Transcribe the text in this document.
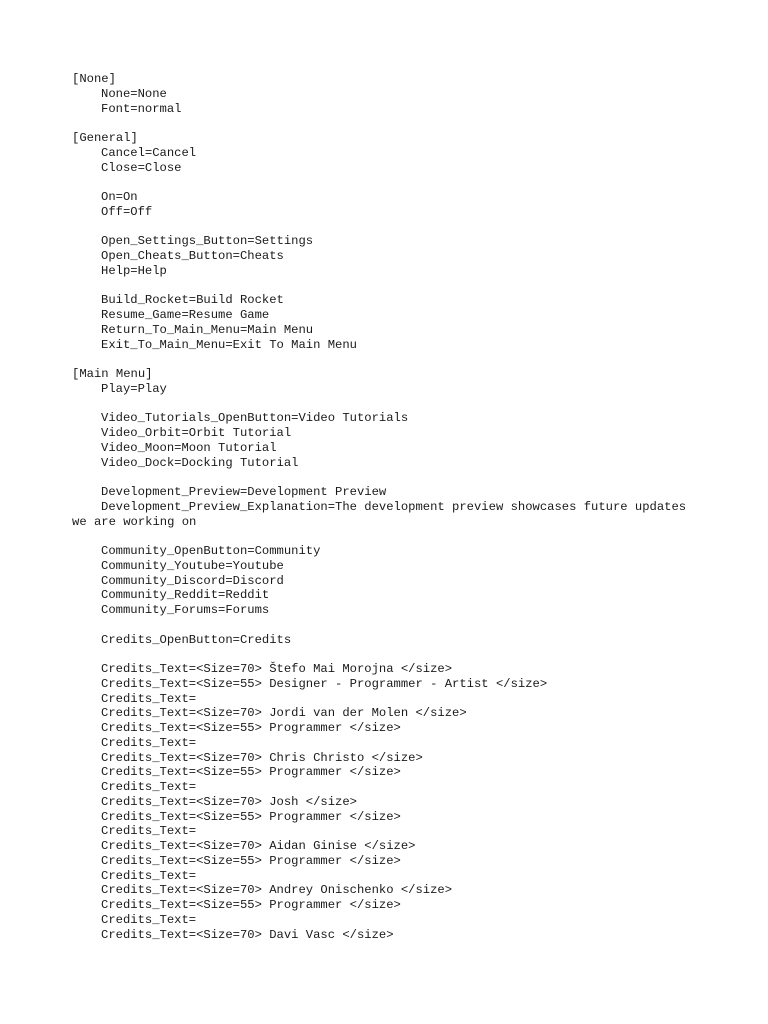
[None]
None=None
Font=normal
[General]
Cancel=Cancel
Close=Close
On=On
Off=Off
Open_Settings_Button=Settings
Open_Cheats_Button=Cheats
Help=Help
Build_Rocket=Build Rocket
Resume_Game=Resume Game
Return_To_Main_Menu=Main Menu
Exit_To_Main_Menu=Exit To Main Menu
[Main Menu]
Play=Play
Video_Tutorials_OpenButton=Video Tutorials
Video_Orbit=Orbit Tutorial
Video_Moon=Moon Tutorial
Video_Dock=Docking Tutorial
Development_Preview=Development Preview
Development_Preview_Explanation=The development preview showcases future updates we are working on
Community_OpenButton=Community
Community_Youtube=Youtube
Community_Discord=Discord
Community_Reddit=Reddit
Community_Forums=Forums
Credits_OpenButton=Credits
Credits_Text=<Size=70> Štefo Mai Morojna </size>
Credits_Text=<Size=55> Designer - Programmer - Artist </size>
Credits_Text=
Credits_Text=<Size=70> Jordi van der Molen </size>
Credits_Text=<Size=55> Programmer </size>
Credits_Text=
Credits_Text=<Size=70> Chris Christo </size>
Credits_Text=<Size=55> Programmer </size>
Credits_Text=
Credits_Text=<Size=70> Josh </size>
Credits_Text=<Size=55> Programmer </size>
Credits_Text=
Credits_Text=<Size=70> Aidan Ginise </size>
Credits_Text=<Size=55> Programmer </size>
Credits_Text=
Credits_Text=<Size=70> Andrey Onischenko </size>
Credits_Text=<Size=55> Programmer </size>
Credits_Text=
Credits_Text=<Size=70> Davi Vasc </size>
